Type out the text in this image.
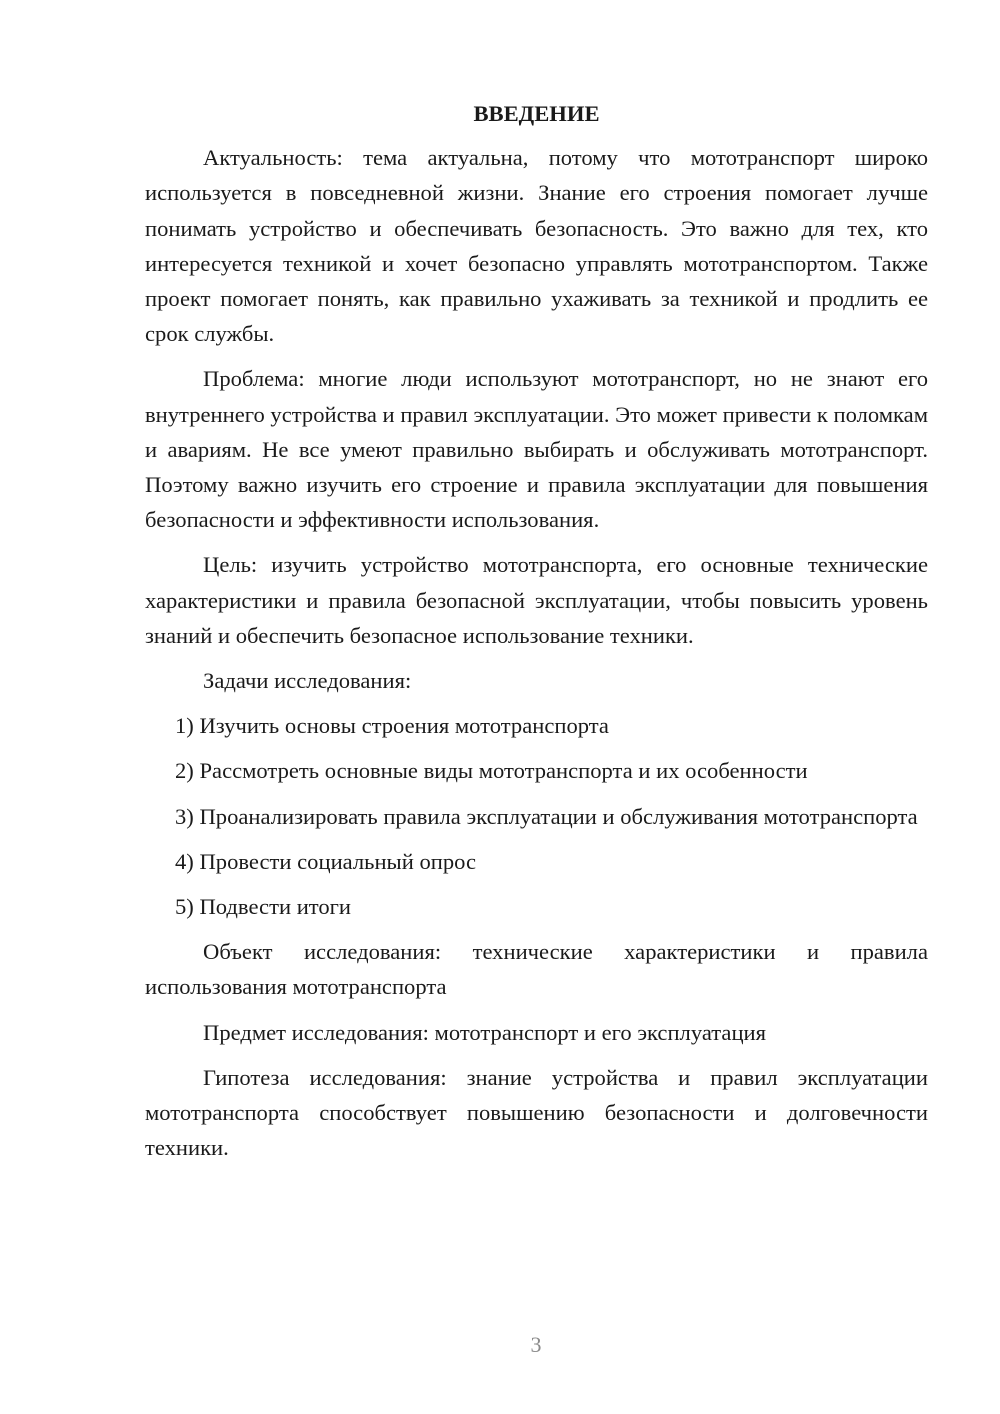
ВВЕДЕНИЕ

Актуальность: тема актуальна, потому что мототранспорт широко используется в повседневной жизни. Знание его строения помогает лучше понимать устройство и обеспечивать безопасность. Это важно для тех, кто интересуется техникой и хочет безопасно управлять мототранспортом. Также проект помогает понять, как правильно ухаживать за техникой и продлить ее срок службы.

Проблема: многие люди используют мототранспорт, но не знают его внутреннего устройства и правил эксплуатации. Это может привести к поломкам и авариям. Не все умеют правильно выбирать и обслуживать мототранспорт. Поэтому важно изучить его строение и правила эксплуатации для повышения безопасности и эффективности использования.

Цель: изучить устройство мототранспорта, его основные технические характеристики и правила безопасной эксплуатации, чтобы повысить уровень знаний и обеспечить безопасное использование техники.

Задачи исследования:

1) Изучить основы строения мототранспорта

2) Рассмотреть основные виды мототранспорта и их особенности

3) Проанализировать правила эксплуатации и обслуживания мототранспорта

4) Провести социальный опрос

5) Подвести итоги

Объект исследования: технические характеристики и правила использования мототранспорта

Предмет исследования: мототранспорт и его эксплуатация

Гипотеза исследования: знание устройства и правил эксплуатации мототранспорта способствует повышению безопасности и долговечности техники.

3
